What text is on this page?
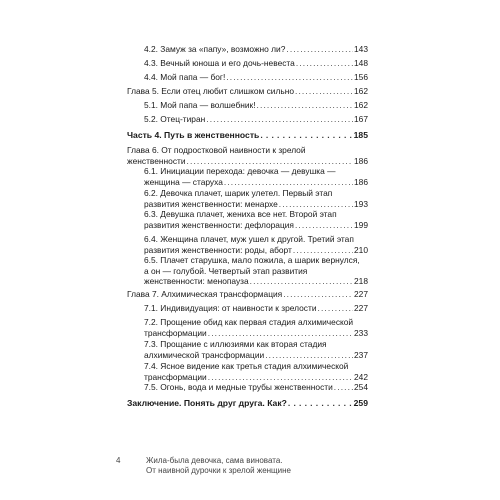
4.2. Замуж за «папу», возможно ли? . . .	143
4.3. Вечный юноша и его дочь-невеста . . .	148
4.4. Мой папа — бог! . . .	156
Глава 5. Если отец любит слишком сильно . . .	162
5.1. Мой папа — волшебник! . . .	162
5.2. Отец-тиран . . .	167
Часть 4. Путь в женственность . . .	185
Глава 6. От подростковой наивности к зрелой
женственности . . .	186
6.1. Инициации перехода: девочка — девушка —
женщина — старуха . . .	186
6.2. Девочка плачет, шарик улетел. Первый этап
развития женственности: менархе . . .	193
6.3. Девушка плачет, жениха все нет. Второй этап
развития женственности: дефлорация . . .	199
6.4. Женщина плачет, муж ушел к другой. Третий этап
развития женственности: роды, аборт . . .	210
6.5. Плачет старушка, мало пожила, а шарик вернулся,
а он — голубой. Четвертый этап развития
женственности: менопауза . . .	218
Глава 7. Алхимическая трансформация . . .	227
7.1. Индивидуация: от наивности к зрелости . . .	227
7.2. Прощение обид как первая стадия алхимической
трансформации . . .	233
7.3. Прощание с иллюзиями как вторая стадия
алхимической трансформации . . .	237
7.4. Ясное видение как третья стадия алхимической
трансформации . . .	242
7.5. Огонь, вода и медные трубы женственности . . .	254
Заключение. Понять друг друга. Как? . . .	259
4	Жила-была девочка, сама виновата.
От наивной дурочки к зрелой женщине
